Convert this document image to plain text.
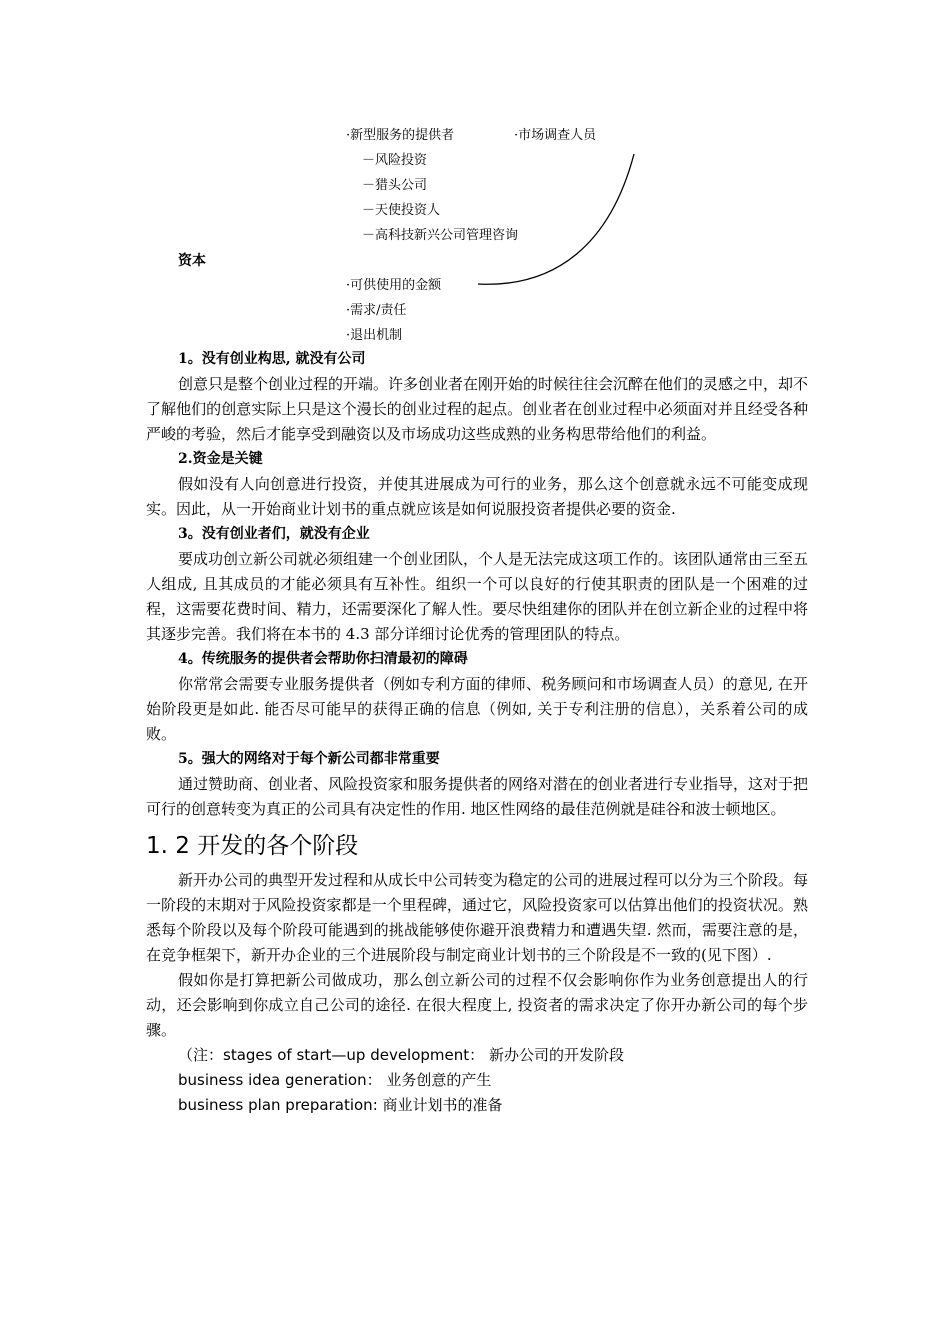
·新型服务的提供者	·市场调查人员
－风险投资
－猎头公司
－天使投资人
－高科技新兴公司管理咨询
资本
·可供使用的金额
·需求/责任
·退出机制
1。没有创业构思, 就没有公司

创意只是整个创业过程的开端。许多创业者在刚开始的时候往往会沉醉在他们的灵感之中，却不了解他们的创意实际上只是这个漫长的创业过程的起点。创业者在创业过程中必须面对并且经受各种严峻的考验，然后才能享受到融资以及市场成功这些成熟的业务构思带给他们的利益。

2.资金是关键

假如没有人向创意进行投资，并使其进展成为可行的业务，那么这个创意就永远不可能变成现实。因此，从一开始商业计划书的重点就应该是如何说服投资者提供必要的资金.

3。没有创业者们，就没有企业

要成功创立新公司就必须组建一个创业团队，个人是无法完成这项工作的。该团队通常由三至五人组成, 且其成员的才能必须具有互补性。组织一个可以良好的行使其职责的团队是一个困难的过程，这需要花费时间、精力，还需要深化了解人性。要尽快组建你的团队并在创立新企业的过程中将其逐步完善。我们将在本书的 4.3 部分详细讨论优秀的管理团队的特点。

4。传统服务的提供者会帮助你扫清最初的障碍

你常常会需要专业服务提供者（例如专利方面的律师、税务顾问和市场调查人员）的意见, 在开始阶段更是如此. 能否尽可能早的获得正确的信息（例如, 关于专利注册的信息），关系着公司的成败。

5。强大的网络对于每个新公司都非常重要

通过赞助商、创业者、风险投资家和服务提供者的网络对潜在的创业者进行专业指导，这对于把可行的创意转变为真正的公司具有决定性的作用. 地区性网络的最佳范例就是硅谷和波士顿地区。

1. 2 开发的各个阶段

新开办公司的典型开发过程和从成长中公司转变为稳定的公司的进展过程可以分为三个阶段。每一阶段的末期对于风险投资家都是一个里程碑，通过它，风险投资家可以估算出他们的投资状况。熟悉每个阶段以及每个阶段可能遇到的挑战能够使你避开浪费精力和遭遇失望. 然而，需要注意的是，在竞争框架下，新开办企业的三个进展阶段与制定商业计划书的三个阶段是不一致的(见下图）.

假如你是打算把新公司做成功，那么创立新公司的过程不仅会影响你作为业务创意提出人的行动，还会影响到你成立自己公司的途径. 在很大程度上, 投资者的需求决定了你开办新公司的每个步骤。

（注：stages of start—up development： 新办公司的开发阶段
business idea generation： 业务创意的产生
business plan preparation: 商业计划书的准备
